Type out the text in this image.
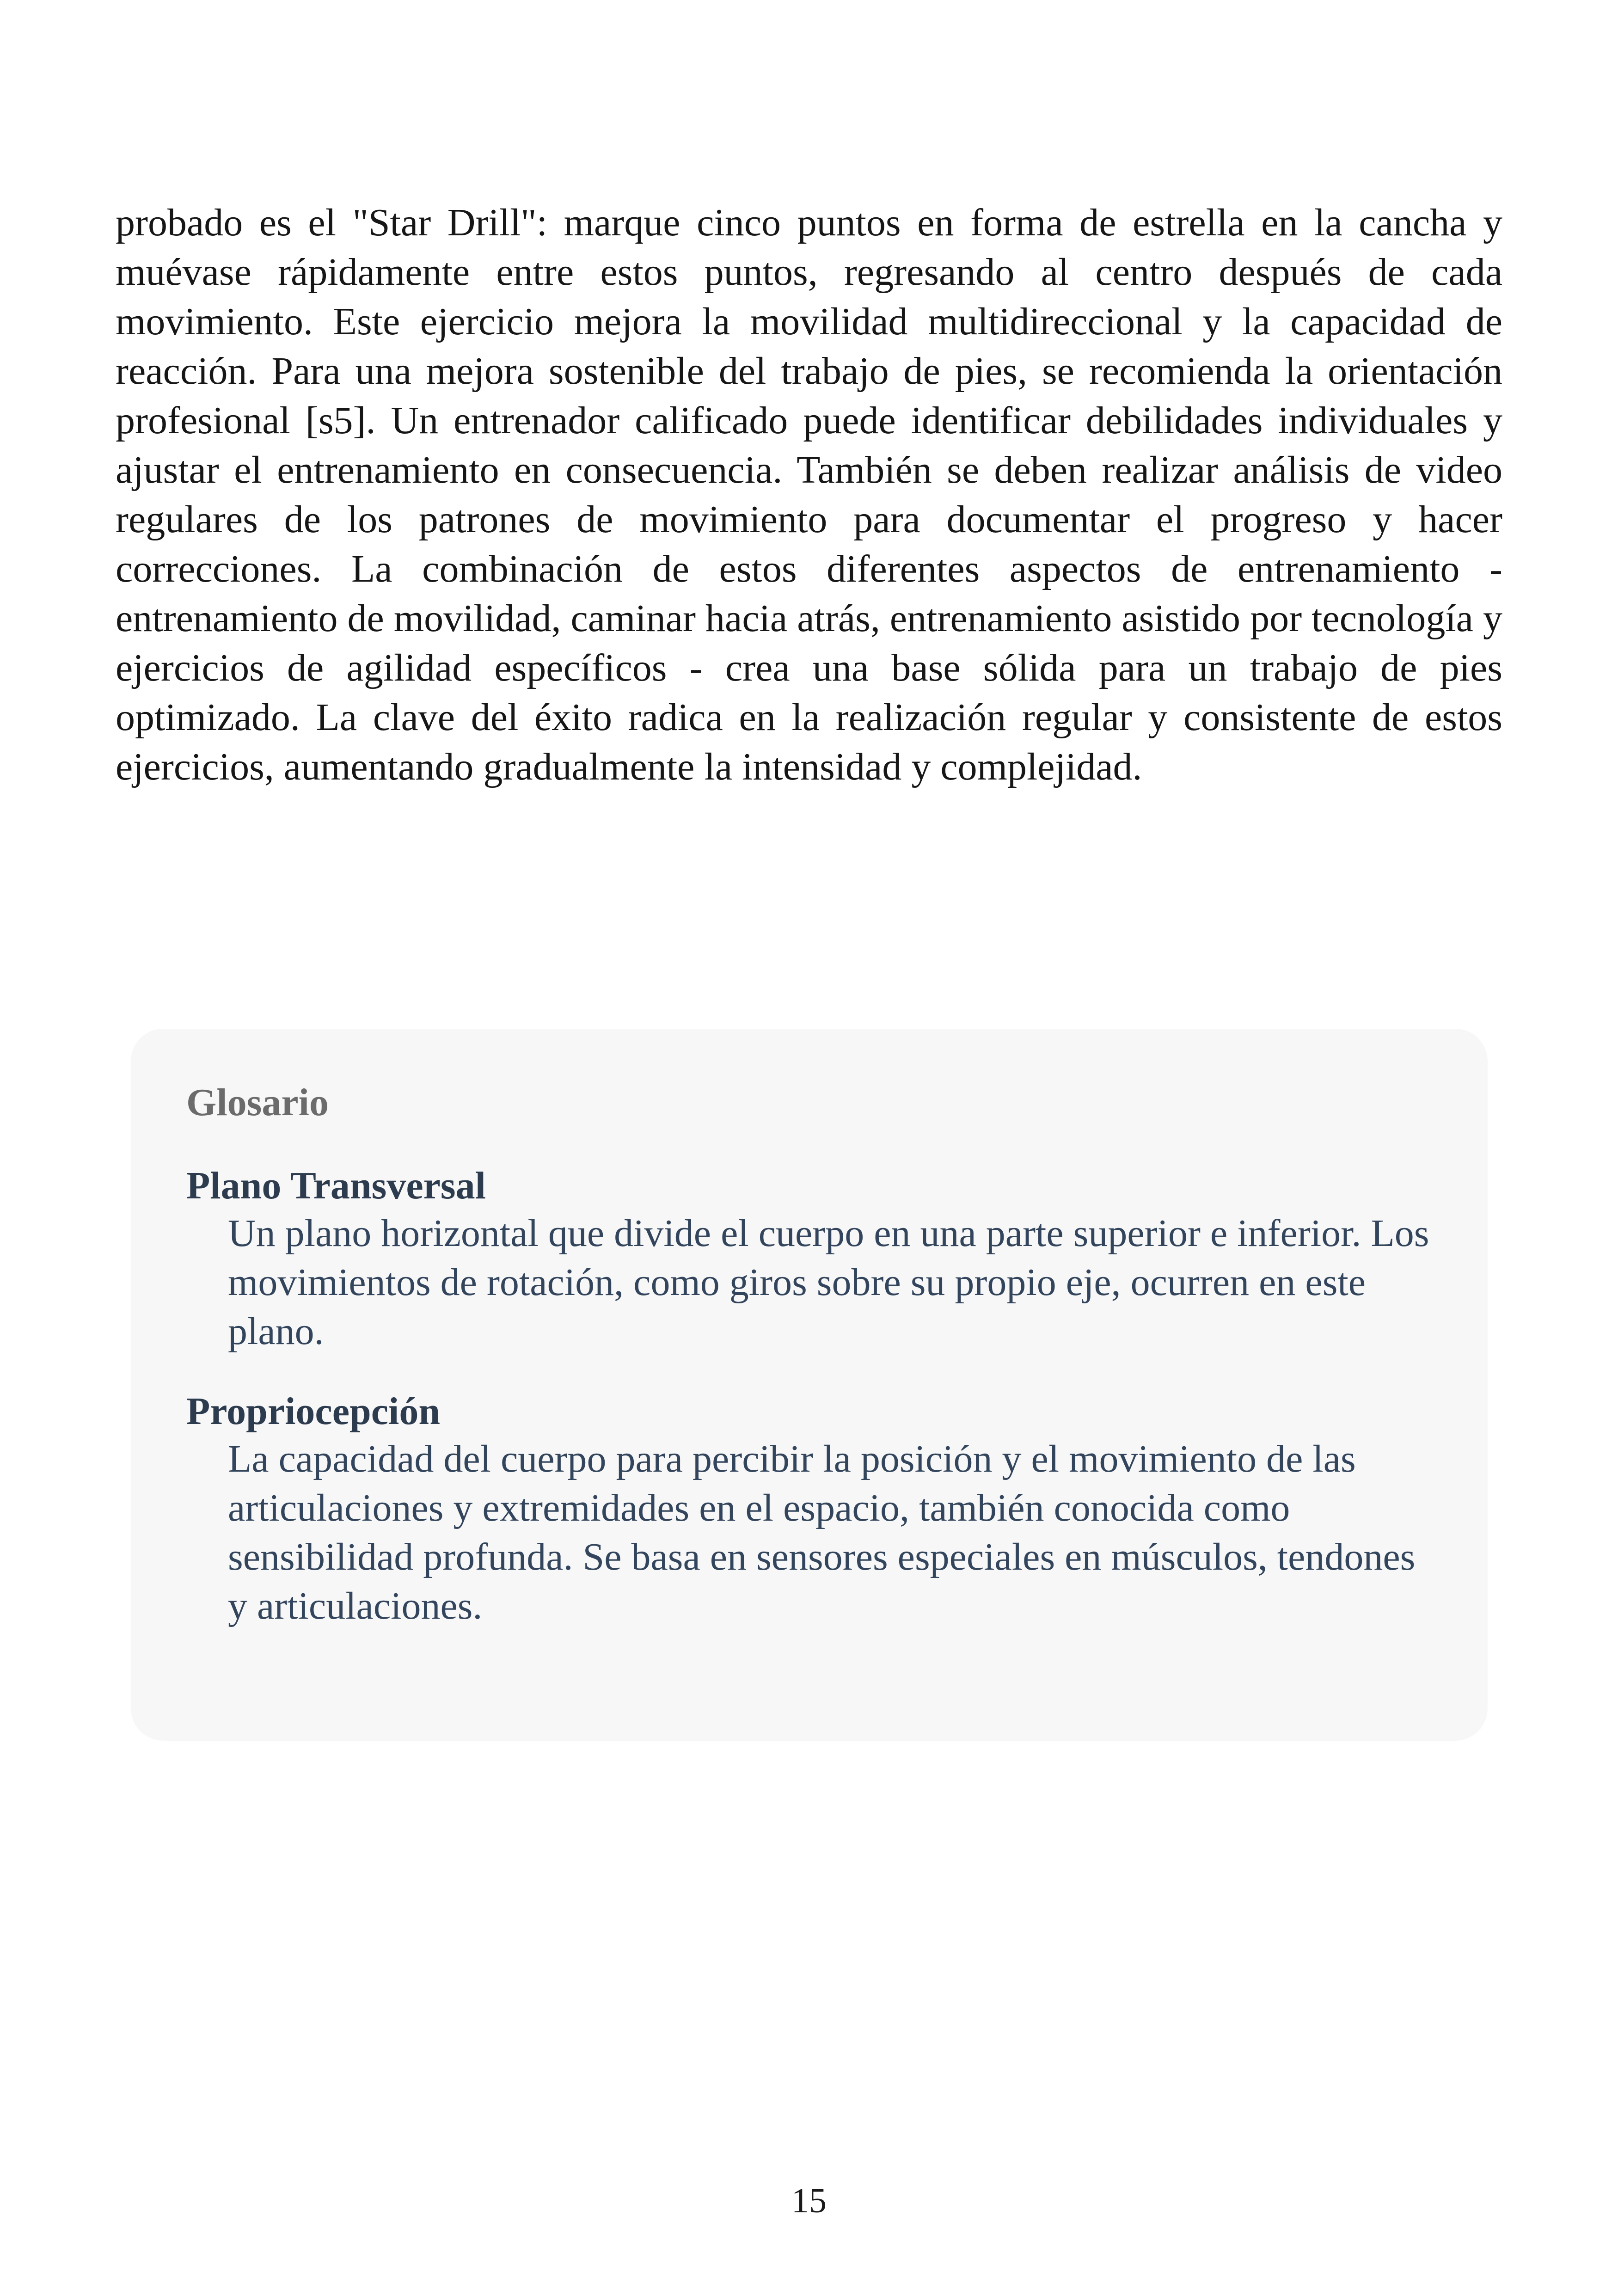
probado es el "Star Drill": marque cinco puntos en forma de estrella en la cancha y muévase rápidamente entre estos puntos, regresando al centro después de cada movimiento. Este ejercicio mejora la movilidad multidireccional y la capacidad de reacción. Para una mejora sostenible del trabajo de pies, se recomienda la orientación profesional [s5]. Un entrenador calificado puede identificar debilidades individuales y ajustar el entrenamiento en consecuencia. También se deben realizar análisis de video regulares de los patrones de movimiento para documentar el progreso y hacer correcciones. La combinación de estos diferentes aspectos de entrenamiento - entrenamiento de movilidad, caminar hacia atrás, entrenamiento asistido por tecnología y ejercicios de agilidad específicos - crea una base sólida para un trabajo de pies optimizado. La clave del éxito radica en la realización regular y consistente de estos ejercicios, aumentando gradualmente la intensidad y complejidad.

Glosario
Plano Transversal
Un plano horizontal que divide el cuerpo en una parte superior e inferior. Los movimientos de rotación, como giros sobre su propio eje, ocurren en este plano.
Propriocepción
La capacidad del cuerpo para percibir la posición y el movimiento de las articulaciones y extremidades en el espacio, también conocida como sensibilidad profunda. Se basa en sensores especiales en músculos, tendones y articulaciones.
15
